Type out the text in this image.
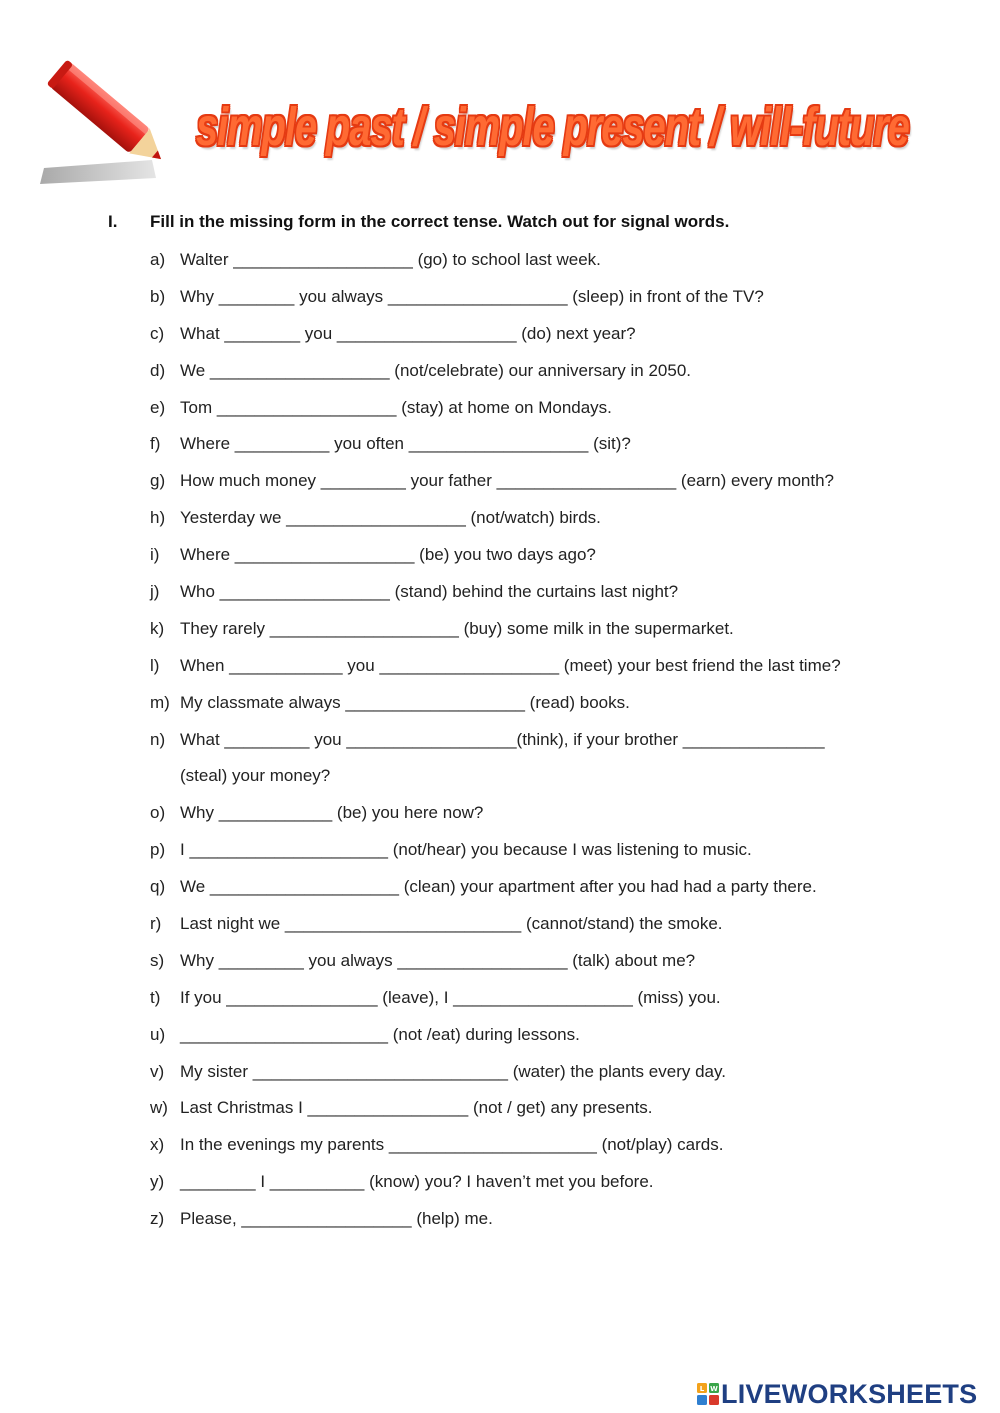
simple past / simple present / will-future
I. Fill in the missing form in the correct tense. Watch out for signal words.
a) Walter ___________________ (go) to school last week.
b) Why ________ you always ___________________ (sleep) in front of the TV?
c) What ________ you ___________________ (do) next year?
d) We ___________________ (not/celebrate) our anniversary in 2050.
e) Tom ___________________ (stay) at home on Mondays.
f) Where __________ you often ___________________ (sit)?
g) How much money _________ your father ___________________ (earn) every month?
h) Yesterday we ___________________ (not/watch) birds.
i) Where ___________________ (be) you two days ago?
j) Who __________________ (stand) behind the curtains last night?
k) They rarely ____________________ (buy) some milk in the supermarket.
l) When ____________ you ___________________ (meet) your best friend the last time?
m) My classmate always ___________________ (read) books.
n) What _________ you __________________(think), if your brother _______________
(steal) your money?
o) Why ____________ (be) you here now?
p) I _____________________ (not/hear) you because I was listening to music.
q) We ____________________ (clean) your apartment after you had had a party there.
r) Last night we _________________________ (cannot/stand) the smoke.
s) Why _________ you always __________________ (talk) about me?
t) If you ________________ (leave), I ___________________ (miss) you.
u) ______________________ (not /eat) during lessons.
v) My sister ___________________________ (water) the plants every day.
w) Last Christmas I _________________ (not / get) any presents.
x) In the evenings my parents ______________________ (not/play) cards.
y) ________ I __________ (know) you? I haven’t met you before.
z) Please, __________________ (help) me.
L W LIVEWORKSHEETS
